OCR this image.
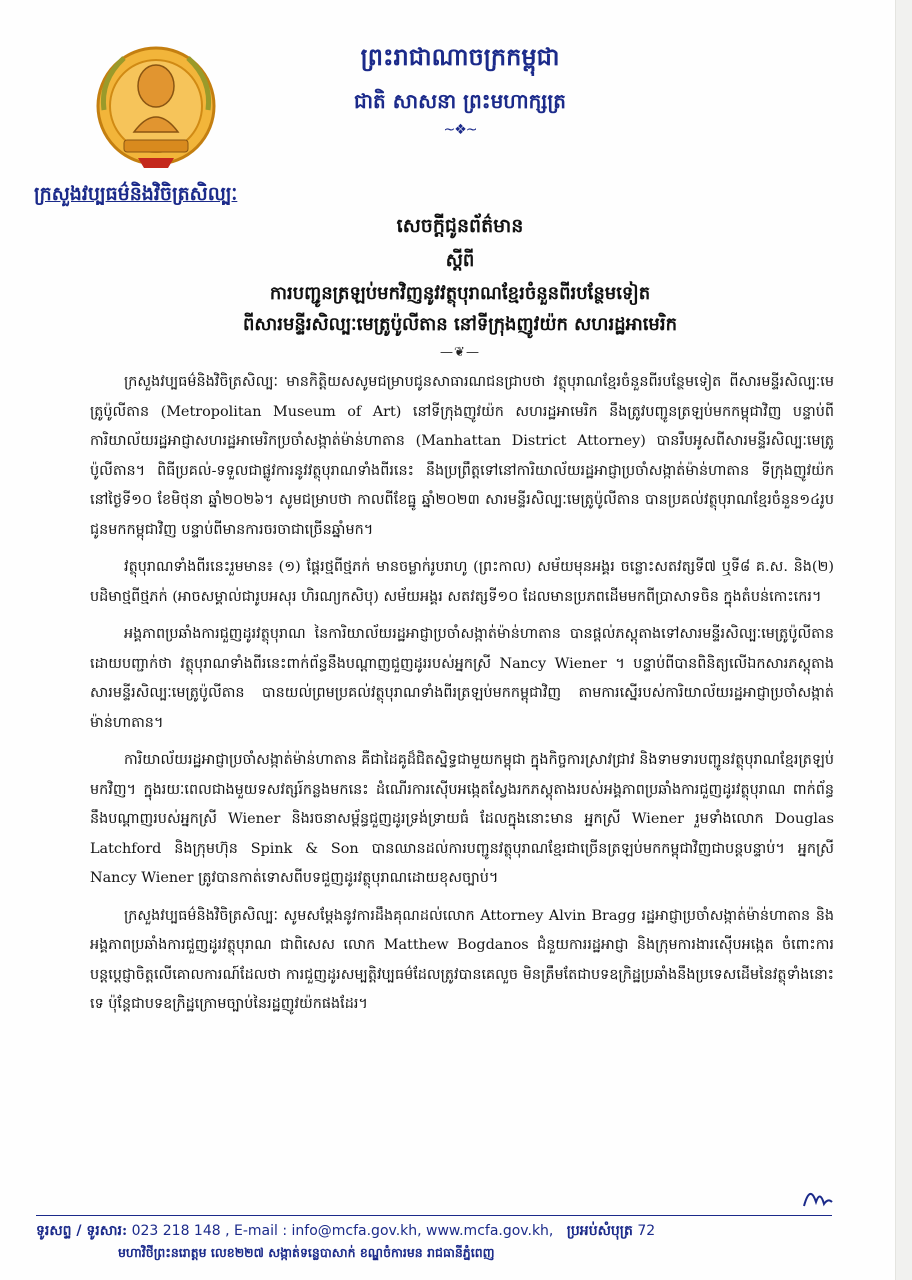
ព្រះរាជាណាចក្រកម្ពុជា
ជាតិ សាសនា ព្រះមហាក្សត្រ
~❖~
ក្រសួងវប្បធម៌និងវិចិត្រសិល្បៈ
សេចក្តីជូនព័ត៌មាន
ស្តីពី
ការបញ្ជូនត្រឡប់មកវិញនូវវត្ថុបុរាណខ្មែរចំនួនពីរបន្ថែមទៀត
ពីសារមន្ទីរសិល្បៈមេត្រូប៉ូលីតាន នៅទីក្រុងញូវយ៉ក សហរដ្ឋអាមេរិក
—❦—

ក្រសួងវប្បធម៌និងវិចិត្រសិល្បៈ មានកិត្តិយសសូមជម្រាបជូនសាធារណជនជ្រាបថា វត្ថុបុរាណខ្មែរចំនួនពីរបន្ថែមទៀត ពីសារមន្ទីរសិល្បៈមេត្រូប៉ូលីតាន (Metropolitan Museum of Art) នៅទីក្រុងញូវយ៉ក សហរដ្ឋអាមេរិក នឹងត្រូវបញ្ជូនត្រឡប់មកកម្ពុជាវិញ បន្ទាប់ពីការិយាល័យរដ្ឋអាជ្ញាសហរដ្ឋអាមេរិកប្រចាំសង្កាត់ម៉ាន់ហាតាន (Manhattan District Attorney) បានរឹបអូសពីសារមន្ទីរសិល្បៈមេត្រូប៉ូលីតាន។ ពិធីប្រគល់-ទទួលជាផ្លូវការនូវវត្ថុបុរាណទាំងពីរនេះ នឹងប្រព្រឹត្តទៅនៅការិយាល័យរដ្ឋអាជ្ញាប្រចាំសង្កាត់ម៉ាន់ហាតាន ទីក្រុងញូវយ៉ក នៅថ្ងៃទី១០ ខែមិថុនា ឆ្នាំ២០២៦។ សូមជម្រាបថា កាលពីខែធ្នូ ឆ្នាំ២០២៣ សារមន្ទីរសិល្បៈមេត្រូប៉ូលីតាន បានប្រគល់វត្ថុបុរាណខ្មែរចំនួន១៤រូប ជូនមកកម្ពុជាវិញ បន្ទាប់ពីមានការចរចាជាច្រើនឆ្នាំមក។

វត្ថុបុរាណទាំងពីរនេះរួមមាន៖ (១) ផ្តែរថ្មពីថ្មភក់ មានចម្លាក់រូបរាហូ (ព្រះកាល) សម័យមុនអង្គរ ចន្លោះសតវត្សទី៧ ឬទី៨ គ.ស. និង(២) បដិមាថ្មពីថ្មភក់ (អាចសម្គាល់ជារូបអសុរ ហិរណ្យកសិបុ) សម័យអង្គរ សតវត្សទី១០ ដែលមានប្រភពដើមមកពីប្រាសាទចិន ក្នុងតំបន់កោះកេរ។

អង្គភាពប្រឆាំងការជួញដូរវត្ថុបុរាណ នៃការិយាល័យរដ្ឋអាជ្ញាប្រចាំសង្កាត់ម៉ាន់ហាតាន បានផ្តល់ភស្តុតាងទៅសារមន្ទីរសិល្បៈមេត្រូប៉ូលីតាន ដោយបញ្ជាក់ថា វត្ថុបុរាណទាំងពីរនេះពាក់ព័ន្ធនឹងបណ្តាញជួញដូររបស់អ្នកស្រី Nancy Wiener ។ បន្ទាប់ពីបានពិនិត្យលើឯកសារភស្តុតាង សារមន្ទីរសិល្បៈមេត្រូប៉ូលីតាន បានយល់ព្រមប្រគល់វត្ថុបុរាណទាំងពីរត្រឡប់មកកម្ពុជាវិញ តាមការស្នើរបស់ការិយាល័យរដ្ឋអាជ្ញាប្រចាំសង្កាត់ម៉ាន់ហាតាន។

ការិយាល័យរដ្ឋអាជ្ញាប្រចាំសង្កាត់ម៉ាន់ហាតាន គឺជាដៃគូដ៏ជិតស្និទ្ធជាមួយកម្ពុជា ក្នុងកិច្ចការស្រាវជ្រាវ និងទាមទារបញ្ជូនវត្ថុបុរាណខ្មែរត្រឡប់មកវិញ។ ក្នុងរយៈពេលជាងមួយទសវត្សរ៍កន្លងមកនេះ ដំណើរការស៊ើបអង្កេតស្វែងរកភស្តុតាងរបស់អង្គភាពប្រឆាំងការជួញដូរវត្ថុបុរាណ ពាក់ព័ន្ធនឹងបណ្តាញរបស់អ្នកស្រី Wiener និងរចនាសម្ព័ន្ធជួញដូរទ្រង់ទ្រាយធំ ដែលក្នុងនោះមាន អ្នកស្រី Wiener រួមទាំងលោក Douglas Latchford និងក្រុមហ៊ុន Spink & Son បានឈានដល់ការបញ្ជូនវត្ថុបុរាណខ្មែរជាច្រើនត្រឡប់មកកម្ពុជាវិញជាបន្តបន្ទាប់។ អ្នកស្រី Nancy Wiener ត្រូវបានកាត់ទោសពីបទជួញដូរវត្ថុបុរាណដោយខុសច្បាប់។

ក្រសួងវប្បធម៌និងវិចិត្រសិល្បៈ សូមសម្តែងនូវការដឹងគុណដល់លោក Attorney Alvin Bragg រដ្ឋអាជ្ញាប្រចាំសង្កាត់ម៉ាន់ហាតាន និងអង្គភាពប្រឆាំងការជួញដូរវត្ថុបុរាណ ជាពិសេស លោក Matthew Bogdanos ជំនួយការរដ្ឋអាជ្ញា និងក្រុមការងារស៊ើបអង្កេត ចំពោះការបន្តប្តេជ្ញាចិត្តលើគោលការណ៍ដែលថា ការជួញដូរសម្បត្តិវប្បធម៌ដែលត្រូវបានគេលួច មិនត្រឹមតែជាបទឧក្រិដ្ឋប្រឆាំងនឹងប្រទេសដើមនៃវត្ថុទាំងនោះទេ ប៉ុន្តែជាបទឧក្រិដ្ឋក្រោមច្បាប់នៃរដ្ឋញូវយ៉កផងដែរ។

ទូរសព្ទ / ទូរសារ: 023 218 148 , E-mail : info@mcfa.gov.kh, www.mcfa.gov.kh, ប្រអប់សំបុត្រ 72
មហាវិថីព្រះនរោត្តម លេខ២២៧ សង្កាត់ទន្លេបាសាក់ ខណ្ឌចំការមន រាជធានីភ្នំពេញ
